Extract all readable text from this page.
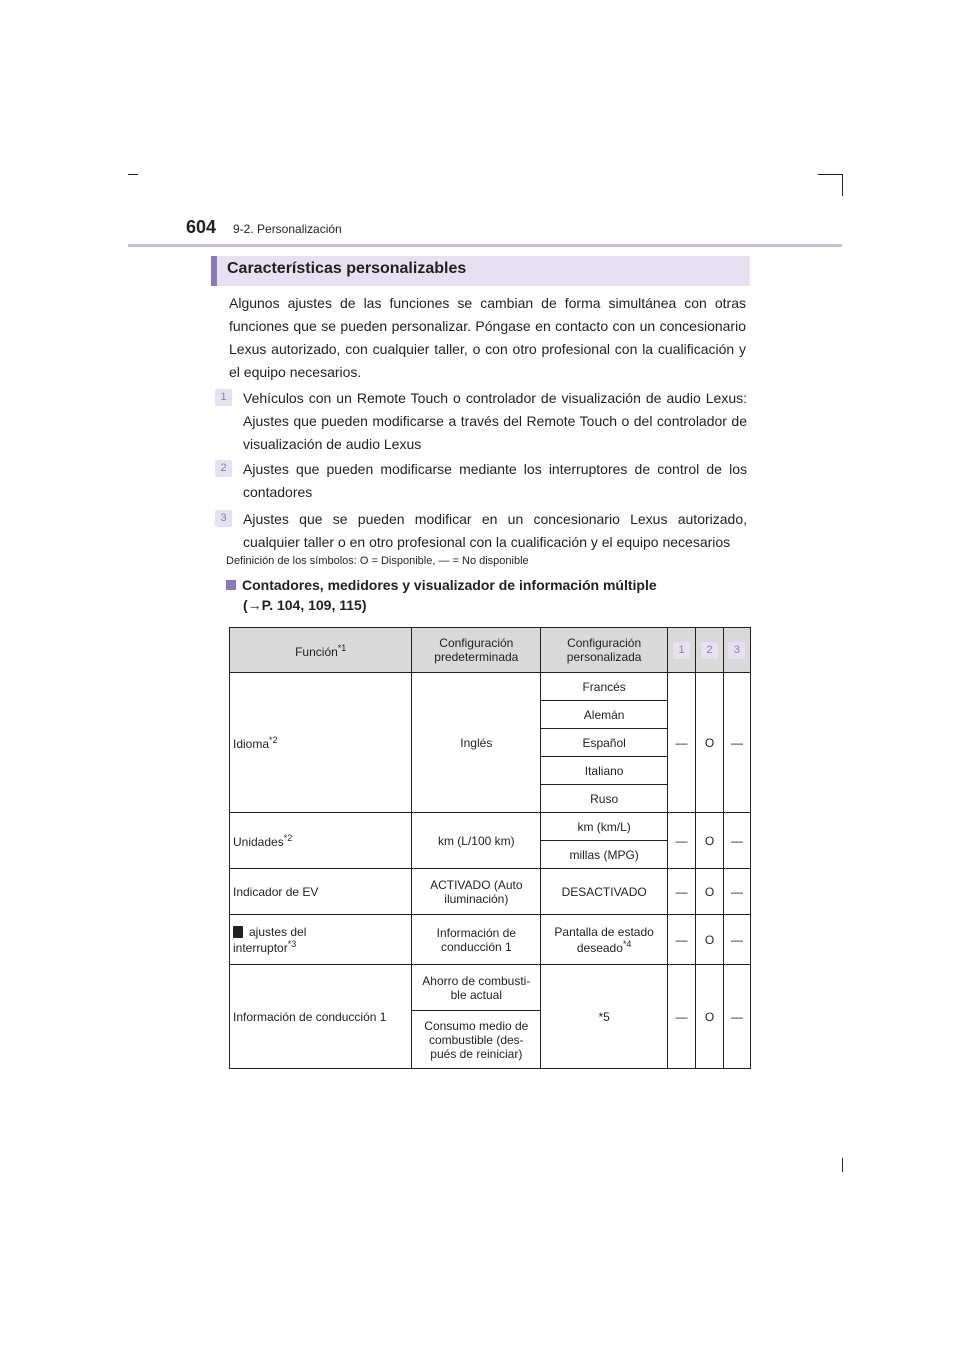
604 9-2. Personalización
Características personalizables
Algunos ajustes de las funciones se cambian de forma simultánea con otras funciones que se pueden personalizar. Póngase en contacto con un concesionario Lexus autorizado, con cualquier taller, o con otro profesional con la cualificación y el equipo necesarios.
1	Vehículos con un Remote Touch o controlador de visualización de audio Lexus: Ajustes que pueden modificarse a través del Remote Touch o del controlador de visualización de audio Lexus
2	Ajustes que pueden modificarse mediante los interruptores de control de los contadores
3	Ajustes que se pueden modificar en un concesionario Lexus autorizado, cualquier taller o en otro profesional con la cualificación y el equipo necesarios
Definición de los símbolos: O = Disponible, — = No disponible
Contadores, medidores y visualizador de información múltiple
(→P. 104, 109, 115)
Función$^{*1}$	Configuración predeterminada	Configuración personalizada	1	2	3
Idioma$^{*2}$	Inglés	Francés	—	O	—
		Alemán			
		Español			
		Italiano			
		Ruso			
Unidades$^{*2}$	km (L/100 km)	km (km/L)	—	O	—
		millas (MPG)			
Indicador de EV	ACTIVADO (Auto iluminación)	DESACTIVADO	—	O	—
ajustes del
interruptor$^{*3}$	Información de conducción 1	Pantalla de estado deseado$^{*4}$	—	O	—
Información de conducción 1	Ahorro de combusti- ble actual	*5	—	O	—
	Consumo medio de combustible (des- pués de reiniciar)				
